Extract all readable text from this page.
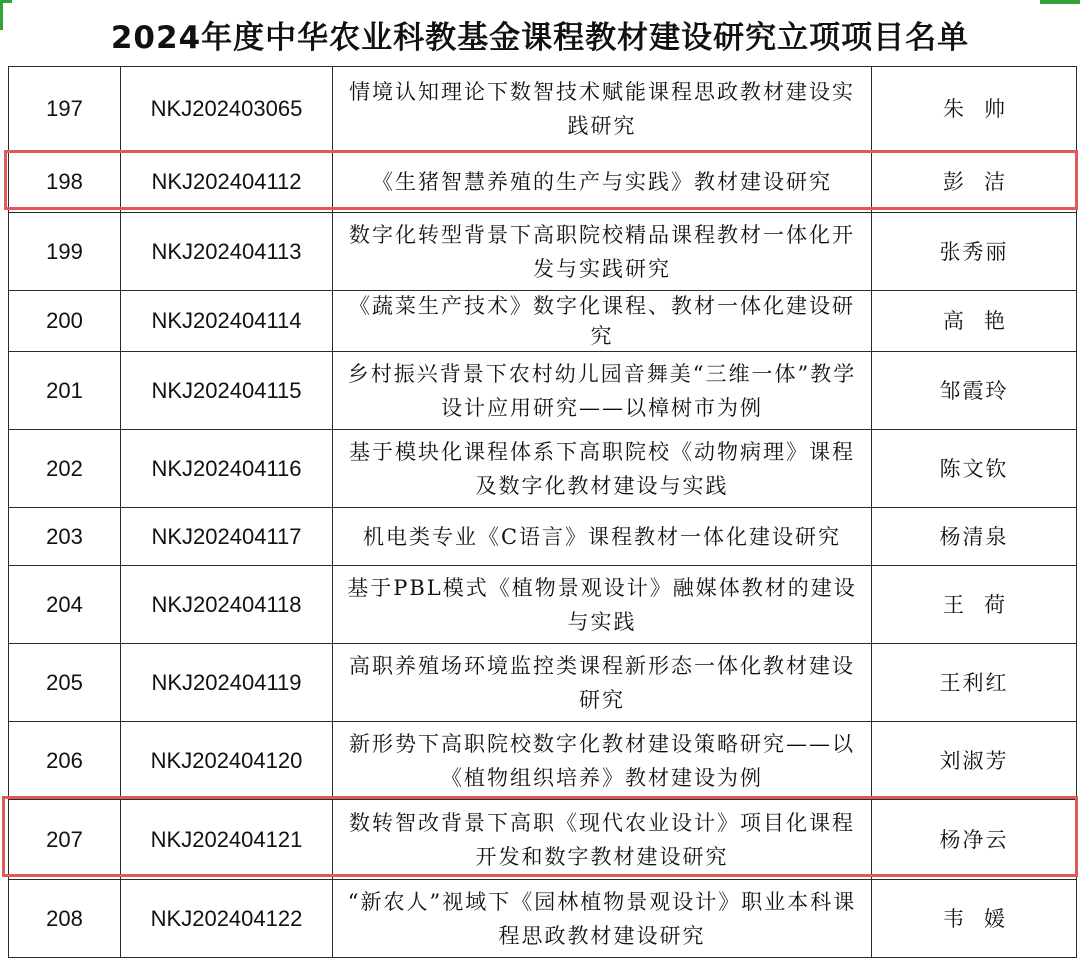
2024年度中华农业科教基金课程教材建设研究立项项目名单
197	NKJ202403065	情境认知理论下数智技术赋能课程思政教材建设实践研究	朱帅
198	NKJ202404112	《生猪智慧养殖的生产与实践》教材建设研究	彭洁
199	NKJ202404113	数字化转型背景下高职院校精品课程教材一体化开发与实践研究	张秀丽
200	NKJ202404114	《蔬菜生产技术》数字化课程、教材一体化建设研究	高艳
201	NKJ202404115	乡村振兴背景下农村幼儿园音舞美“三维一体”教学设计应用研究——以樟树市为例	邹霞玲
202	NKJ202404116	基于模块化课程体系下高职院校《动物病理》课程及数字化教材建设与实践	陈文钦
203	NKJ202404117	机电类专业《C语言》课程教材一体化建设研究	杨清泉
204	NKJ202404118	基于PBL模式《植物景观设计》融媒体教材的建设与实践	王荷
205	NKJ202404119	高职养殖场环境监控类课程新形态一体化教材建设研究	王利红
206	NKJ202404120	新形势下高职院校数字化教材建设策略研究——以《植物组织培养》教材建设为例	刘淑芳
207	NKJ202404121	数转智改背景下高职《现代农业设计》项目化课程开发和数字教材建设研究	杨净云
208	NKJ202404122	“新农人”视域下《园林植物景观设计》职业本科课程思政教材建设研究	韦媛
